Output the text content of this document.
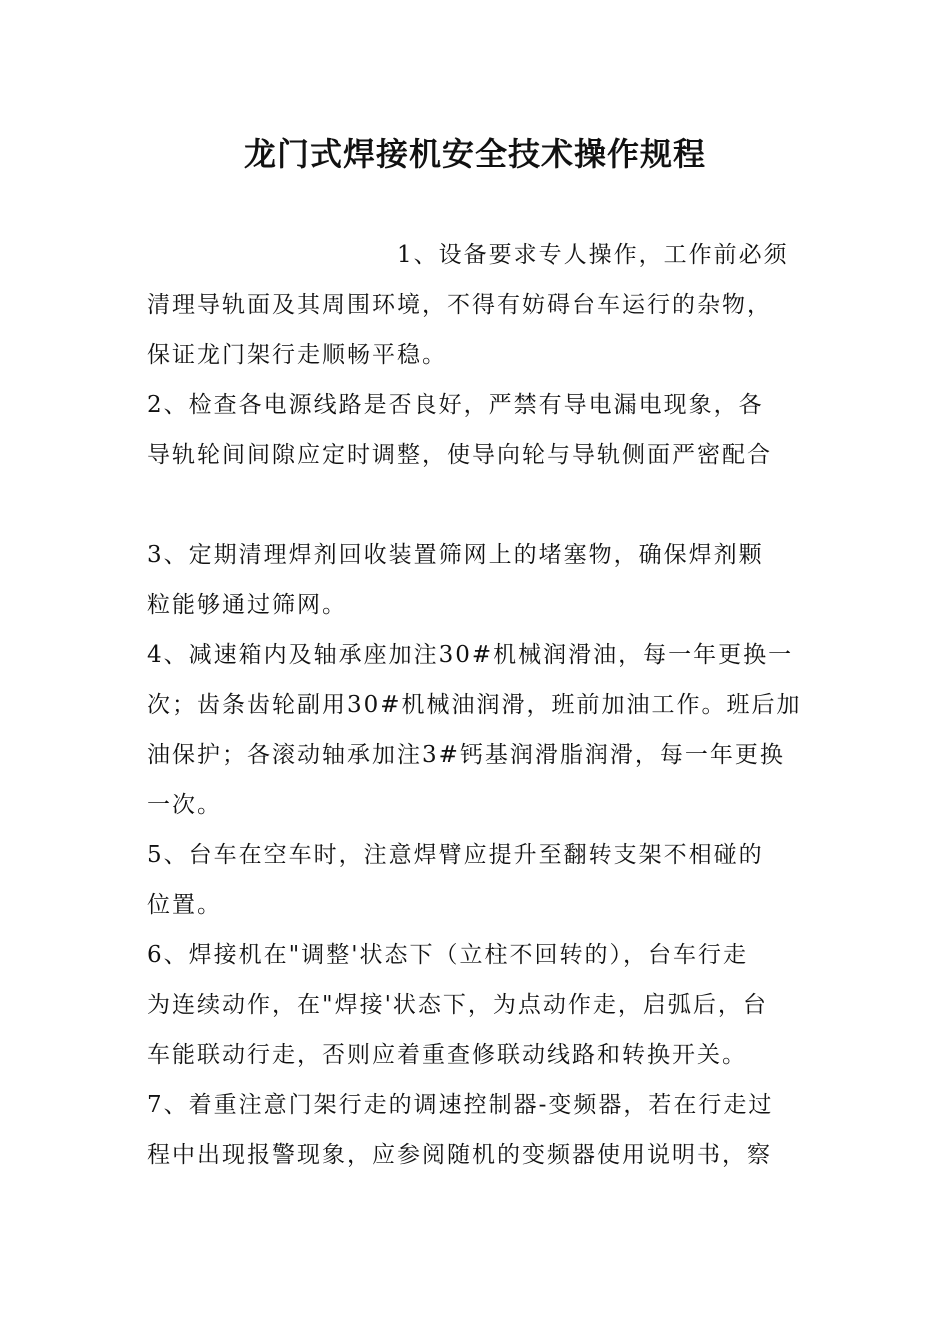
龙门式焊接机安全技术操作规程

　　　　　　　　　　1、设备要求专人操作，工作前必须

清理导轨面及其周围环境，不得有妨碍台车运行的杂物，

保证龙门架行走顺畅平稳。

2、检查各电源线路是否良好，严禁有导电漏电现象，各

导轨轮间间隙应定时调整，使导向轮与导轨侧面严密配合

3、定期清理焊剂回收装置筛网上的堵塞物，确保焊剂颗

粒能够通过筛网。

4、减速箱内及轴承座加注30#机械润滑油，每一年更换一

次；齿条齿轮副用30#机械油润滑，班前加油工作。班后加

油保护；各滚动轴承加注3#钙基润滑脂润滑，每一年更换

一次。

5、台车在空车时，注意焊臂应提升至翻转支架不相碰的

位置。

6、焊接机在"调整'状态下（立柱不回转的），台车行走

为连续动作，在"焊接'状态下，为点动作走，启弧后，台

车能联动行走，否则应着重查修联动线路和转换开关。

7、着重注意门架行走的调速控制器-变频器，若在行走过

程中出现报警现象，应参阅随机的变频器使用说明书，察
